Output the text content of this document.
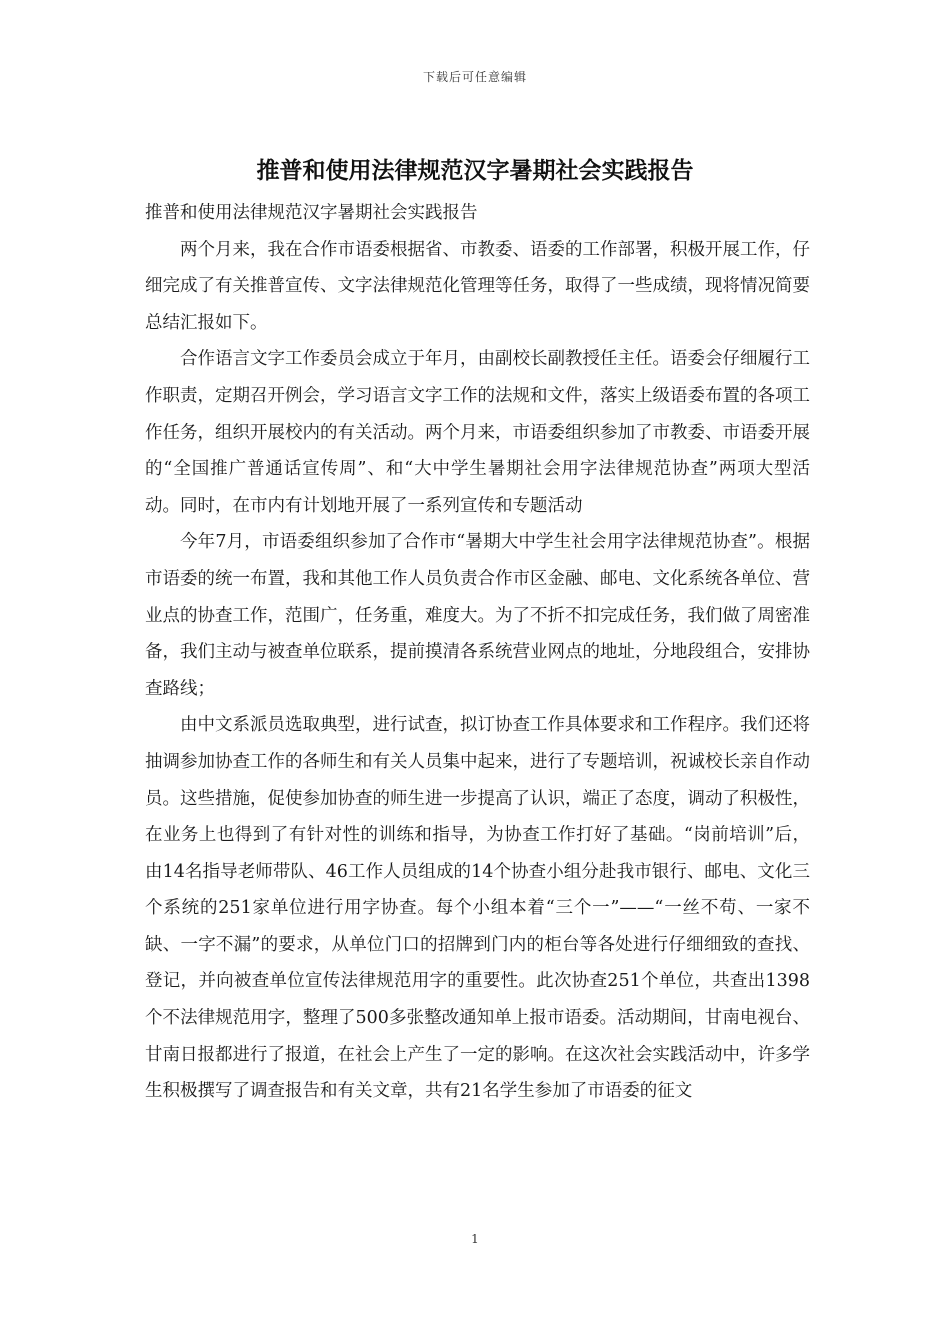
下载后可任意编辑
推普和使用法律规范汉字暑期社会实践报告

推普和使用法律规范汉字暑期社会实践报告

两个月来，我在合作市语委根据省、市教委、语委的工作部署，积极开展工作，仔细完成了有关推普宣传、文字法律规范化管理等任务，取得了一些成绩，现将情况简要总结汇报如下。

合作语言文字工作委员会成立于年月，由副校长副教授任主任。语委会仔细履行工作职责，定期召开例会，学习语言文字工作的法规和文件，落实上级语委布置的各项工作任务，组织开展校内的有关活动。两个月来，市语委组织参加了市教委、市语委开展的“全国推广普通话宣传周”、和“大中学生暑期社会用字法律规范协查”两项大型活动。同时，在市内有计划地开展了一系列宣传和专题活动

今年7月，市语委组织参加了合作市“暑期大中学生社会用字法律规范协查”。根据市语委的统一布置，我和其他工作人员负责合作市区金融、邮电、文化系统各单位、营业点的协查工作，范围广，任务重，难度大。为了不折不扣完成任务，我们做了周密准备，我们主动与被查单位联系，提前摸清各系统营业网点的地址，分地段组合，安排协查路线；

由中文系派员选取典型，进行试查，拟订协查工作具体要求和工作程序。我们还将抽调参加协查工作的各师生和有关人员集中起来，进行了专题培训，祝诚校长亲自作动员。这些措施，促使参加协查的师生进一步提高了认识，端正了态度，调动了积极性，在业务上也得到了有针对性的训练和指导，为协查工作打好了基础。“岗前培训”后，由14名指导老师带队、46工作人员组成的14个协查小组分赴我市银行、邮电、文化三个系统的251家单位进行用字协查。每个小组本着“三个一”——“一丝不苟、一家不缺、一字不漏”的要求，从单位门口的招牌到门内的柜台等各处进行仔细细致的查找、登记，并向被查单位宣传法律规范用字的重要性。此次协查251个单位，共查出1398个不法律规范用字，整理了500多张整改通知单上报市语委。活动期间，甘南电视台、甘南日报都进行了报道，在社会上产生了一定的影响。在这次社会实践活动中，许多学生积极撰写了调查报告和有关文章，共有21名学生参加了市语委的征文

1
